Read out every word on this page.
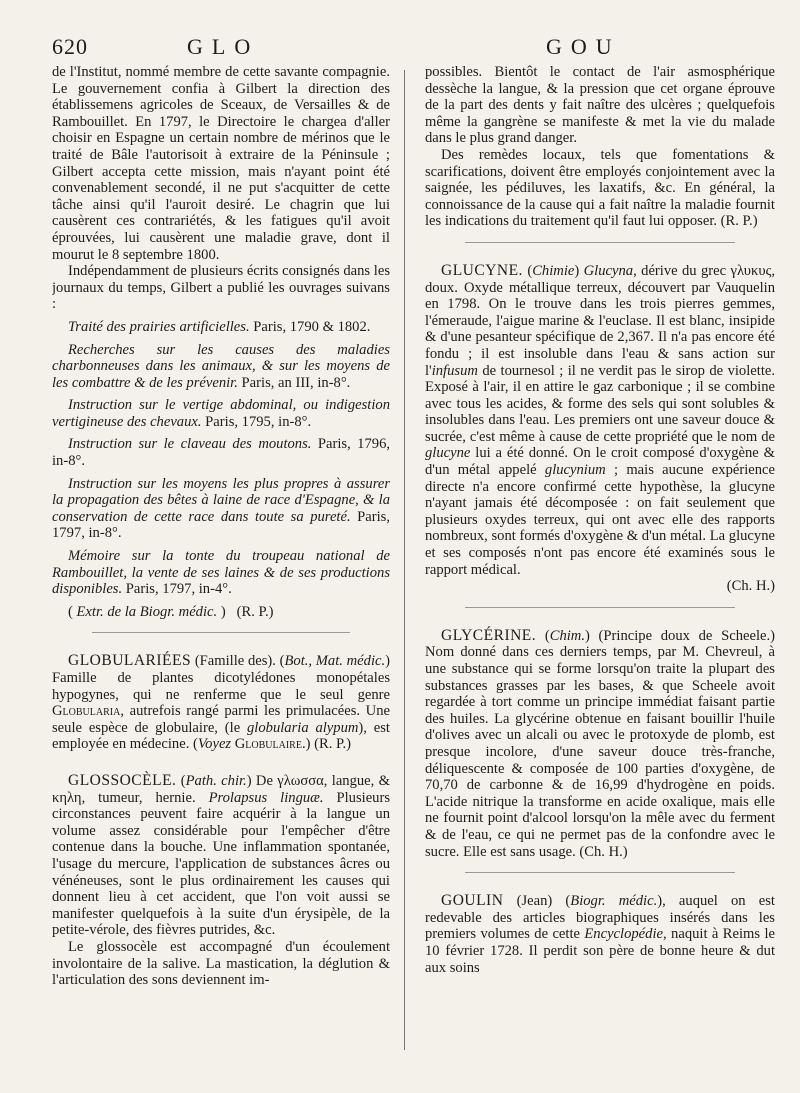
620	GLO	GOU

de l'Institut, nommé membre de cette savante compagnie. Le gouvernement confia à Gilbert la direction des établissemens agricoles de Sceaux, de Versailles & de Rambouillet. En 1797, le Directoire le chargea d'aller choisir en Espagne un certain nombre de mérinos que le traité de Bâle l'autorisoit à extraire de la Péninsule ; Gilbert accepta cette mission, mais n'ayant point été convenablement secondé, il ne put s'acquitter de cette tâche ainsi qu'il l'auroit desiré. Le chagrin que lui causèrent ces contrariétés, & les fatigues qu'il avoit éprouvées, lui causèrent une maladie grave, dont il mourut le 8 septembre 1800.

Indépendamment de plusieurs écrits consignés dans les journaux du temps, Gilbert a publié les ouvrages suivans :

Traité des prairies artificielles. Paris, 1790 & 1802.

Recherches sur les causes des maladies charbonneuses dans les animaux, & sur les moyens de les combattre & de les prévenir. Paris, an III, in-8°.

Instruction sur le vertige abdominal, ou indigestion vertigineuse des chevaux. Paris, 1795, in-8°.

Instruction sur le claveau des moutons. Paris, 1796, in-8°.

Instruction sur les moyens les plus propres à assurer la propagation des bêtes à laine de race d'Espagne, & la conservation de cette race dans toute sa pureté. Paris, 1797, in-8°.

Mémoire sur la tonte du troupeau national de Rambouillet, la vente de ses laines & de ses productions disponibles. Paris, 1797, in-4°.

( Extr. de la Biogr. médic. )   (R. P.)

GLOBULARIÉES (Famille des). (Bot., Mat. médic.) Famille de plantes dicotylédones monopétales hypogynes, qui ne renferme que le seul genre Globularia, autrefois rangé parmi les primulacées. Une seule espèce de globulaire, (le globularia alypum), est employée en médecine. (Voyez Globulaire.) (R. P.)

GLOSSOCÈLE. (Path. chir.) De γλωσσα, langue, & κηλη, tumeur, hernie. Prolapsus linguæ. Plusieurs circonstances peuvent faire acquérir à la langue un volume assez considérable pour l'empêcher d'être contenue dans la bouche. Une inflammation spontanée, l'usage du mercure, l'application de substances âcres ou vénéneuses, sont le plus ordinairement les causes qui donnent lieu à cet accident, que l'on voit aussi se manifester quelquefois à la suite d'un érysipèle, de la petite-vérole, des fièvres putrides, &c.

Le glossocèle est accompagné d'un écoulement involontaire de la salive. La mastication, la déglution & l'articulation des sons deviennent im-

possibles. Bientôt le contact de l'air asmosphérique dessèche la langue, & la pression que cet organe éprouve de la part des dents y fait naître des ulcères ; quelquefois même la gangrène se manifeste & met la vie du malade dans le plus grand danger.

Des remèdes locaux, tels que fomentations & scarifications, doivent être employés conjointement avec la saignée, les pédiluves, les laxatifs, &c. En général, la connoissance de la cause qui a fait naître la maladie fournit les indications du traitement qu'il faut lui opposer. (R. P.)

GLUCYNE. (Chimie) Glucyna, dérive du grec γλυκυς, doux. Oxyde métallique terreux, découvert par Vauquelin en 1798. On le trouve dans les trois pierres gemmes, l'émeraude, l'aigue marine & l'euclase. Il est blanc, insipide & d'une pesanteur spécifique de 2,367. Il n'a pas encore été fondu ; il est insoluble dans l'eau & sans action sur l'infusum de tournesol ; il ne verdit pas le sirop de violette. Exposé à l'air, il en attire le gaz carbonique ; il se combine avec tous les acides, & forme des sels qui sont solubles & insolubles dans l'eau. Les premiers ont une saveur douce & sucrée, c'est même à cause de cette propriété que le nom de glucyne lui a été donné. On le croit composé d'oxygène & d'un métal appelé glucynium ; mais aucune expérience directe n'a encore confirmé cette hypothèse, la glucyne n'ayant jamais été décomposée : on fait seulement que plusieurs oxydes terreux, qui ont avec elle des rapports nombreux, sont formés d'oxygène & d'un métal. La glucyne et ses composés n'ont pas encore été examinés sous le rapport médical.

(Ch. H.)

GLYCÉRINE. (Chim.) (Principe doux de Scheele.) Nom donné dans ces derniers temps, par M. Chevreul, à une substance qui se forme lorsqu'on traite la plupart des substances grasses par les bases, & que Scheele avoit regardée à tort comme un principe immédiat faisant partie des huiles. La glycérine obtenue en faisant bouillir l'huile d'olives avec un alcali ou avec le protoxyde de plomb, est presque incolore, d'une saveur douce très-franche, déliquescente & composée de 100 parties d'oxygène, de 70,70 de carbonne & de 16,99 d'hydrogène en poids. L'acide nitrique la transforme en acide oxalique, mais elle ne fournit point d'alcool lorsqu'on la mêle avec du ferment & de l'eau, ce qui ne permet pas de la confondre avec le sucre. Elle est sans usage. (Ch. H.)

GOULIN (Jean) (Biogr. médic.), auquel on est redevable des articles biographiques insérés dans les premiers volumes de cette Encyclopédie, naquit à Reims le 10 février 1728. Il perdit son père de bonne heure & dut aux soins
